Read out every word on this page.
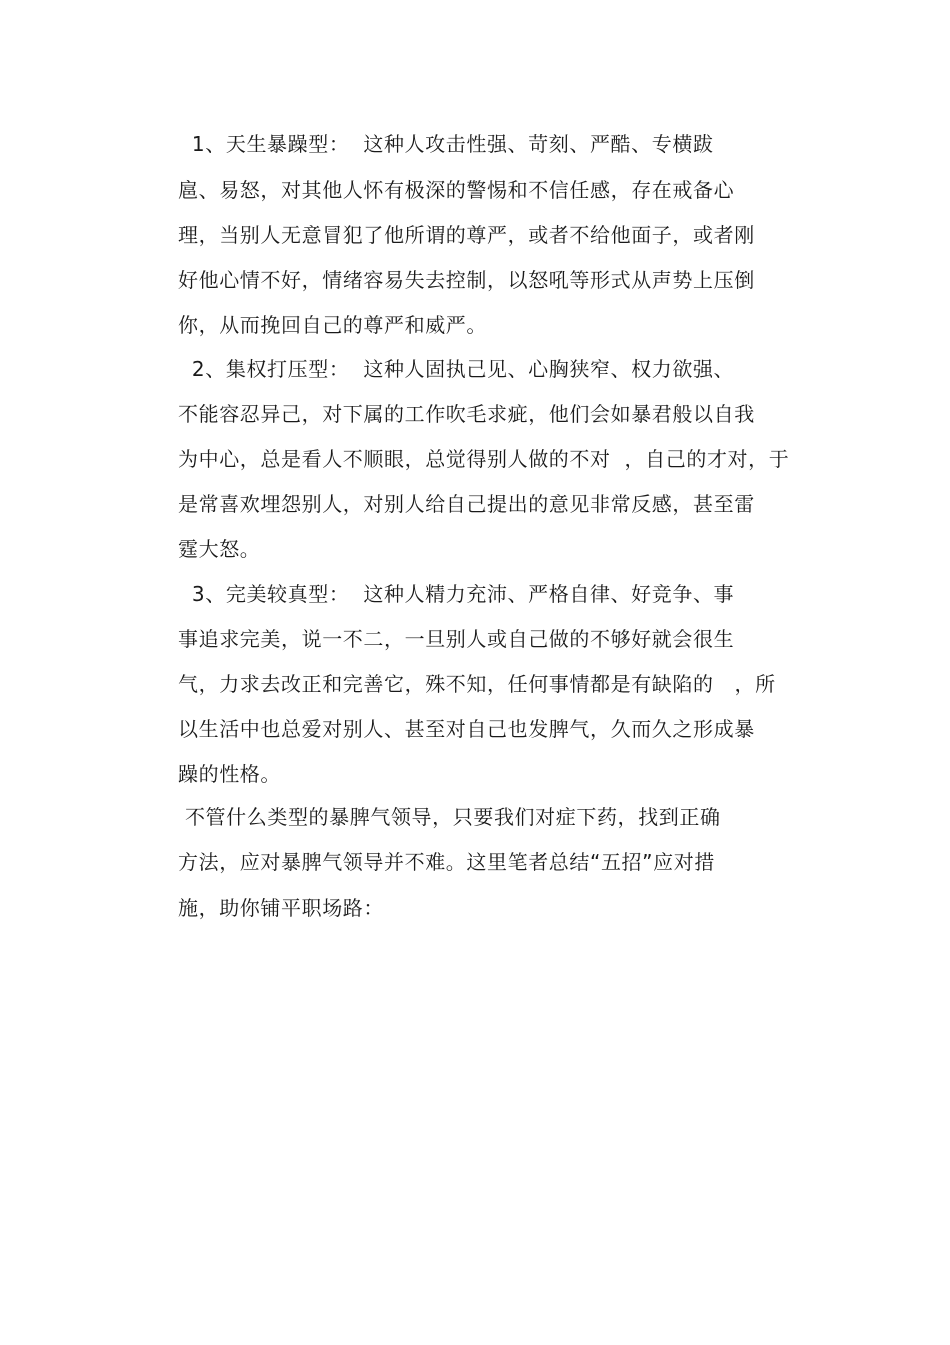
1、天生暴躁型：  这种人攻击性强、苛刻、严酷、专横跋
扈、易怒，对其他人怀有极深的警惕和不信任感，存在戒备心
理，当别人无意冒犯了他所谓的尊严，或者不给他面子，或者刚
好他心情不好，情绪容易失去控制，以怒吼等形式从声势上压倒
你，从而挽回自己的尊严和威严。
2、集权打压型：  这种人固执己见、心胸狭窄、权力欲强、
不能容忍异己，对下属的工作吹毛求疵，他们会如暴君般以自我
为中心，总是看人不顺眼，总觉得别人做的不对  ，自己的才对，于
是常喜欢埋怨别人，对别人给自己提出的意见非常反感，甚至雷
霆大怒。
3、完美较真型：  这种人精力充沛、严格自律、好竞争、事
事追求完美，说一不二，一旦别人或自己做的不够好就会很生
气，力求去改正和完善它，殊不知，任何事情都是有缺陷的   ，所
以生活中也总爱对别人、甚至对自己也发脾气，久而久之形成暴
躁的性格。
不管什么类型的暴脾气领导，只要我们对症下药，找到正确
方法，应对暴脾气领导并不难。这里笔者总结“五招”应对措
施，助你铺平职场路：
